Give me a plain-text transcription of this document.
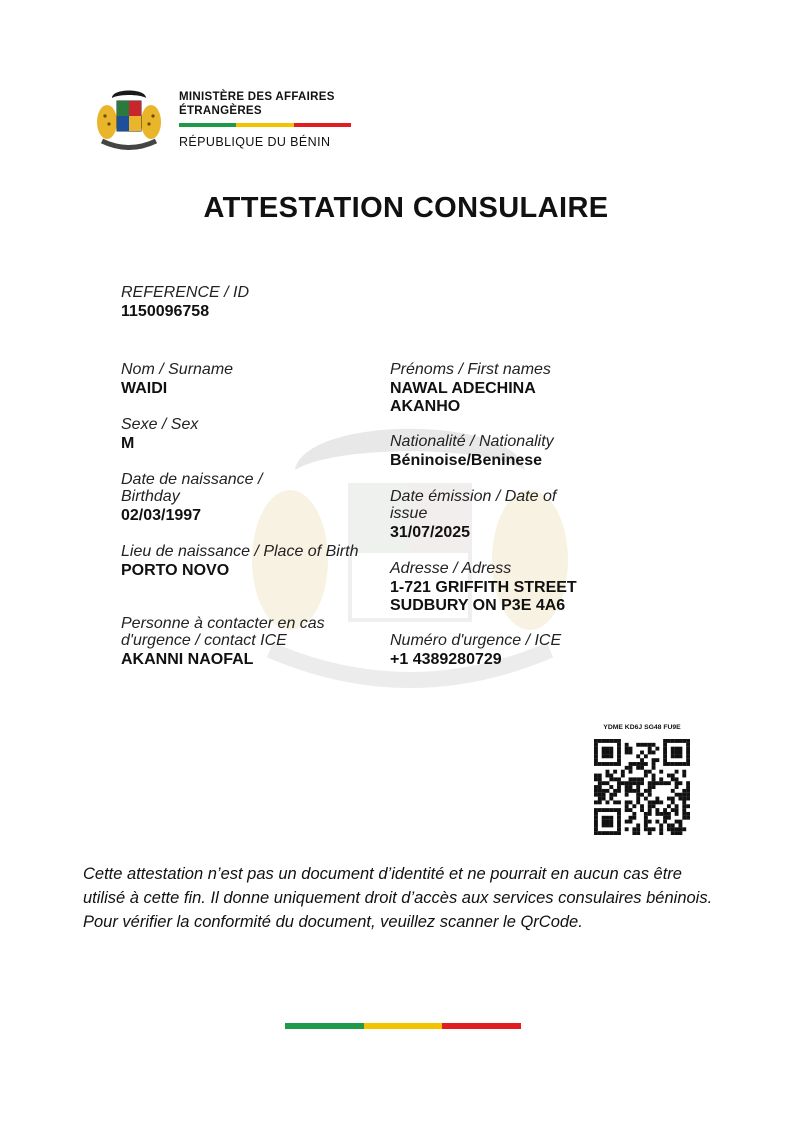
MINISTÈRE DES AFFAIRES
ÉTRANGÈRES
RÉPUBLIQUE DU BÉNIN
ATTESTATION CONSULAIRE
REFERENCE / ID
1150096758
Nom / Surname
WAIDI
Sexe / Sex
M
Date de naissance / Birthday
02/03/1997
Lieu de naissance / Place of Birth
PORTO NOVO
Personne à contacter en cas d'urgence / contact ICE
AKANNI NAOFAL
Prénoms / First names
NAWAL ADECHINA AKANHO
Nationalité / Nationality
Béninoise/Beninese
Date émission / Date of issue
31/07/2025
Adresse / Adress
1-721 GRIFFITH STREET SUDBURY ON P3E 4A6
Numéro d'urgence / ICE
+1 4389280729
YDME KD6J SG48 FU9E
Cette attestation n’est pas un document d’identité et ne pourrait en aucun cas être utilisé à cette fin. Il donne uniquement droit d’accès aux services consulaires béninois. Pour vérifier la conformité du document, veuillez scanner le QrCode.
